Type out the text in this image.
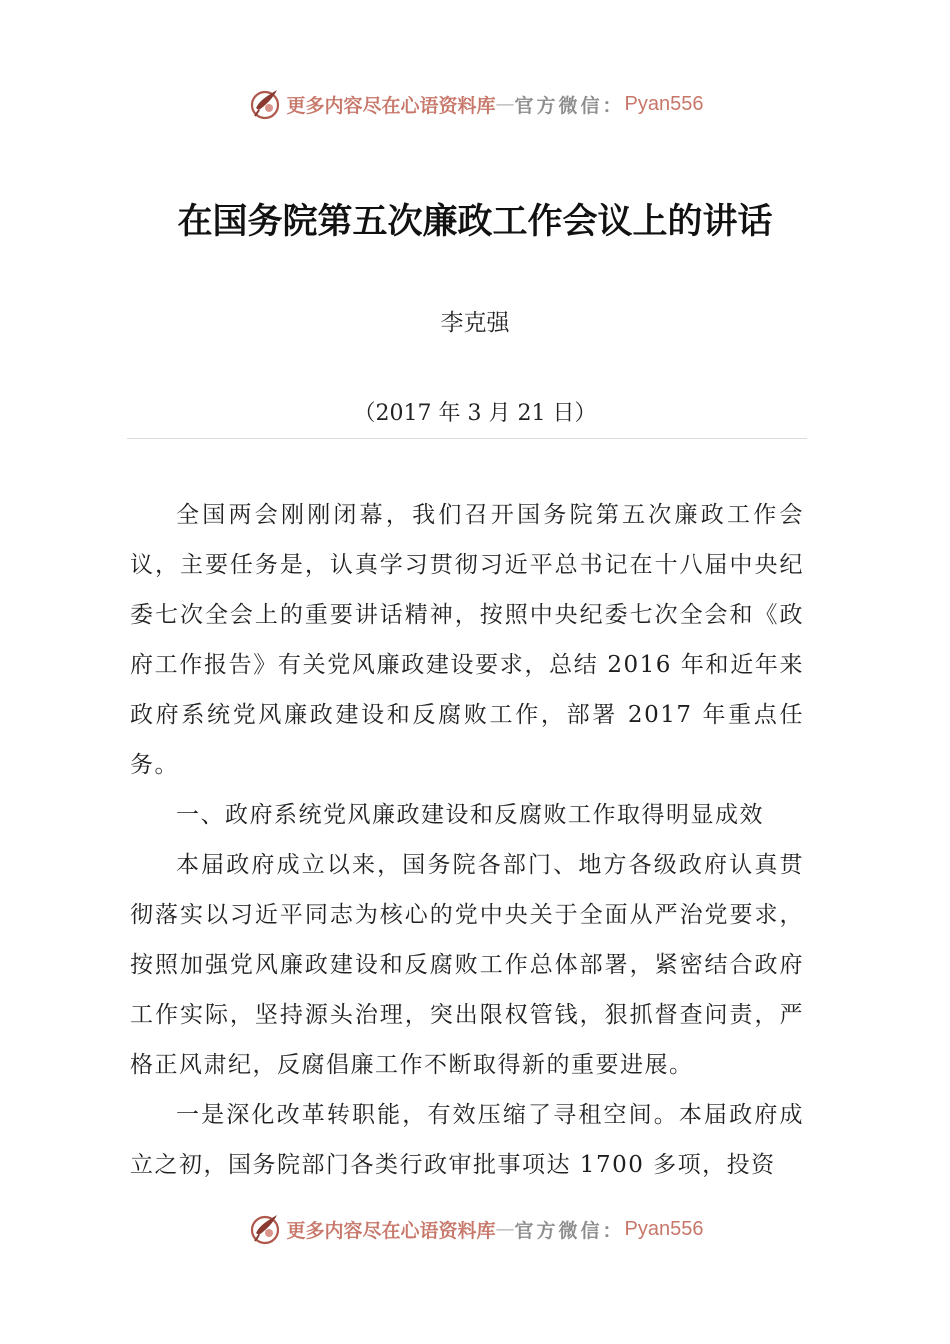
更多内容尽在心语资料库 — 官方微信： Pyan556
在国务院第五次廉政工作会议上的讲话
李克强
（2017 年 3 月 21 日）

全国两会刚刚闭幕，我们召开国务院第五次廉政工作会议，主要任务是，认真学习贯彻习近平总书记在十八届中央纪委七次全会上的重要讲话精神，按照中央纪委七次全会和《政府工作报告》有关党风廉政建设要求，总结 2016 年和近年来政府系统党风廉政建设和反腐败工作，部署 2017 年重点任务。

一、政府系统党风廉政建设和反腐败工作取得明显成效

本届政府成立以来，国务院各部门、地方各级政府认真贯彻落实以习近平同志为核心的党中央关于全面从严治党要求，按照加强党风廉政建设和反腐败工作总体部署，紧密结合政府工作实际，坚持源头治理，突出限权管钱，狠抓督查问责，严格正风肃纪，反腐倡廉工作不断取得新的重要进展。

一是深化改革转职能，有效压缩了寻租空间。本届政府成立之初，国务院部门各类行政审批事项达 1700 多项，投资

更多内容尽在心语资料库 — 官方微信： Pyan556
